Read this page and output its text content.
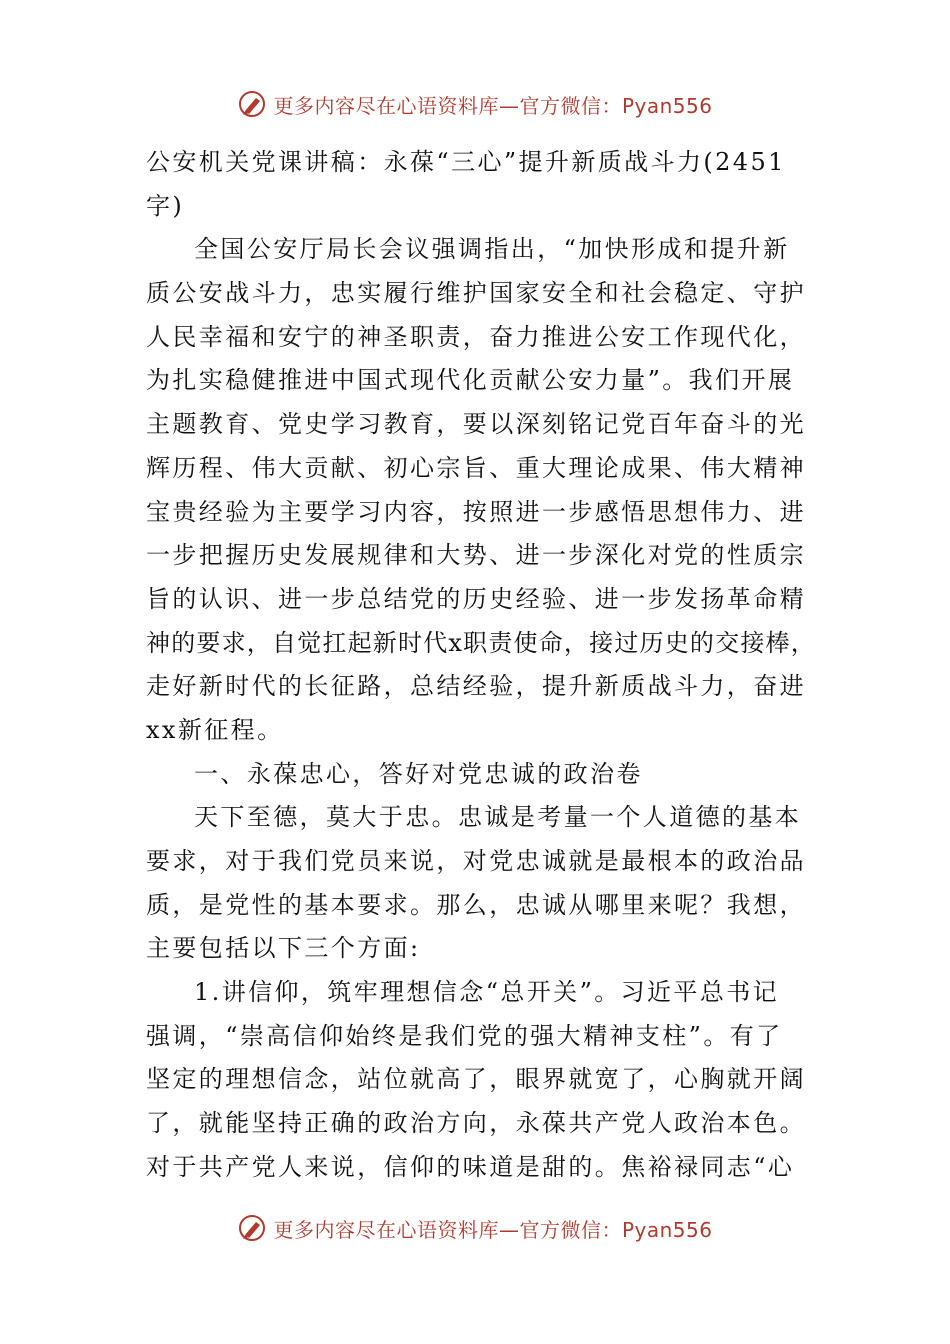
更多内容尽在心语资料库—官方微信：Pyan556
公安机关党课讲稿：永葆“三心”提升新质战斗力(2451
字)
全国公安厅局长会议强调指出，“加快形成和提升新
质公安战斗力，忠实履行维护国家安全和社会稳定、守护
人民幸福和安宁的神圣职责，奋力推进公安工作现代化，
为扎实稳健推进中国式现代化贡献公安力量”。我们开展
主题教育、党史学习教育，要以深刻铭记党百年奋斗的光
辉历程、伟大贡献、初心宗旨、重大理论成果、伟大精神
宝贵经验为主要学习内容，按照进一步感悟思想伟力、进
一步把握历史发展规律和大势、进一步深化对党的性质宗
旨的认识、进一步总结党的历史经验、进一步发扬革命精
神的要求，自觉扛起新时代x职责使命，接过历史的交接棒，
走好新时代的长征路，总结经验，提升新质战斗力，奋进
xx新征程。
一、永葆忠心，答好对党忠诚的政治卷
天下至德，莫大于忠。忠诚是考量一个人道德的基本
要求，对于我们党员来说，对党忠诚就是最根本的政治品
质，是党性的基本要求。那么，忠诚从哪里来呢？我想，
主要包括以下三个方面:
1.讲信仰，筑牢理想信念“总开关”。习近平总书记
强调，“崇高信仰始终是我们党的强大精神支柱”。有了
坚定的理想信念，站位就高了，眼界就宽了，心胸就开阔
了，就能坚持正确的政治方向，永葆共产党人政治本色。
对于共产党人来说，信仰的味道是甜的。焦裕禄同志“心
更多内容尽在心语资料库—官方微信：Pyan556
